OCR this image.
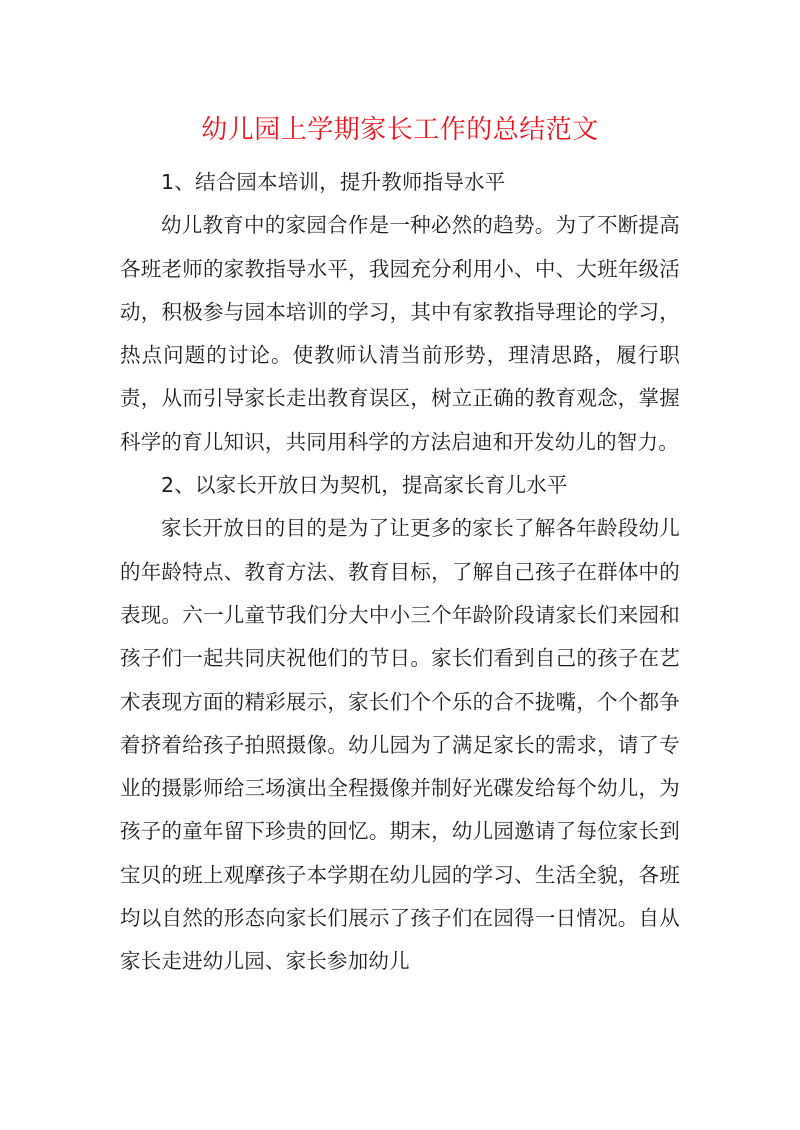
幼儿园上学期家长工作的总结范文

1、结合园本培训，提升教师指导水平

幼儿教育中的家园合作是一种必然的趋势。为了不断提高各班老师的家教指导水平，我园充分利用小、中、大班年级活动，积极参与园本培训的学习，其中有家教指导理论的学习，热点问题的讨论。使教师认清当前形势，理清思路，履行职责，从而引导家长走出教育误区，树立正确的教育观念，掌握科学的育儿知识，共同用科学的方法启迪和开发幼儿的智力。

2、以家长开放日为契机，提高家长育儿水平

家长开放日的目的是为了让更多的家长了解各年龄段幼儿的年龄特点、教育方法、教育目标，了解自己孩子在群体中的表现。六一儿童节我们分大中小三个年龄阶段请家长们来园和孩子们一起共同庆祝他们的节日。家长们看到自己的孩子在艺术表现方面的精彩展示，家长们个个乐的合不拢嘴，个个都争着挤着给孩子拍照摄像。幼儿园为了满足家长的需求，请了专业的摄影师给三场演出全程摄像并制好光碟发给每个幼儿，为孩子的童年留下珍贵的回忆。期末，幼儿园邀请了每位家长到宝贝的班上观摩孩子本学期在幼儿园的学习、生活全貌，各班均以自然的形态向家长们展示了孩子们在园得一日情况。自从家长走进幼儿园、家长参加幼儿
